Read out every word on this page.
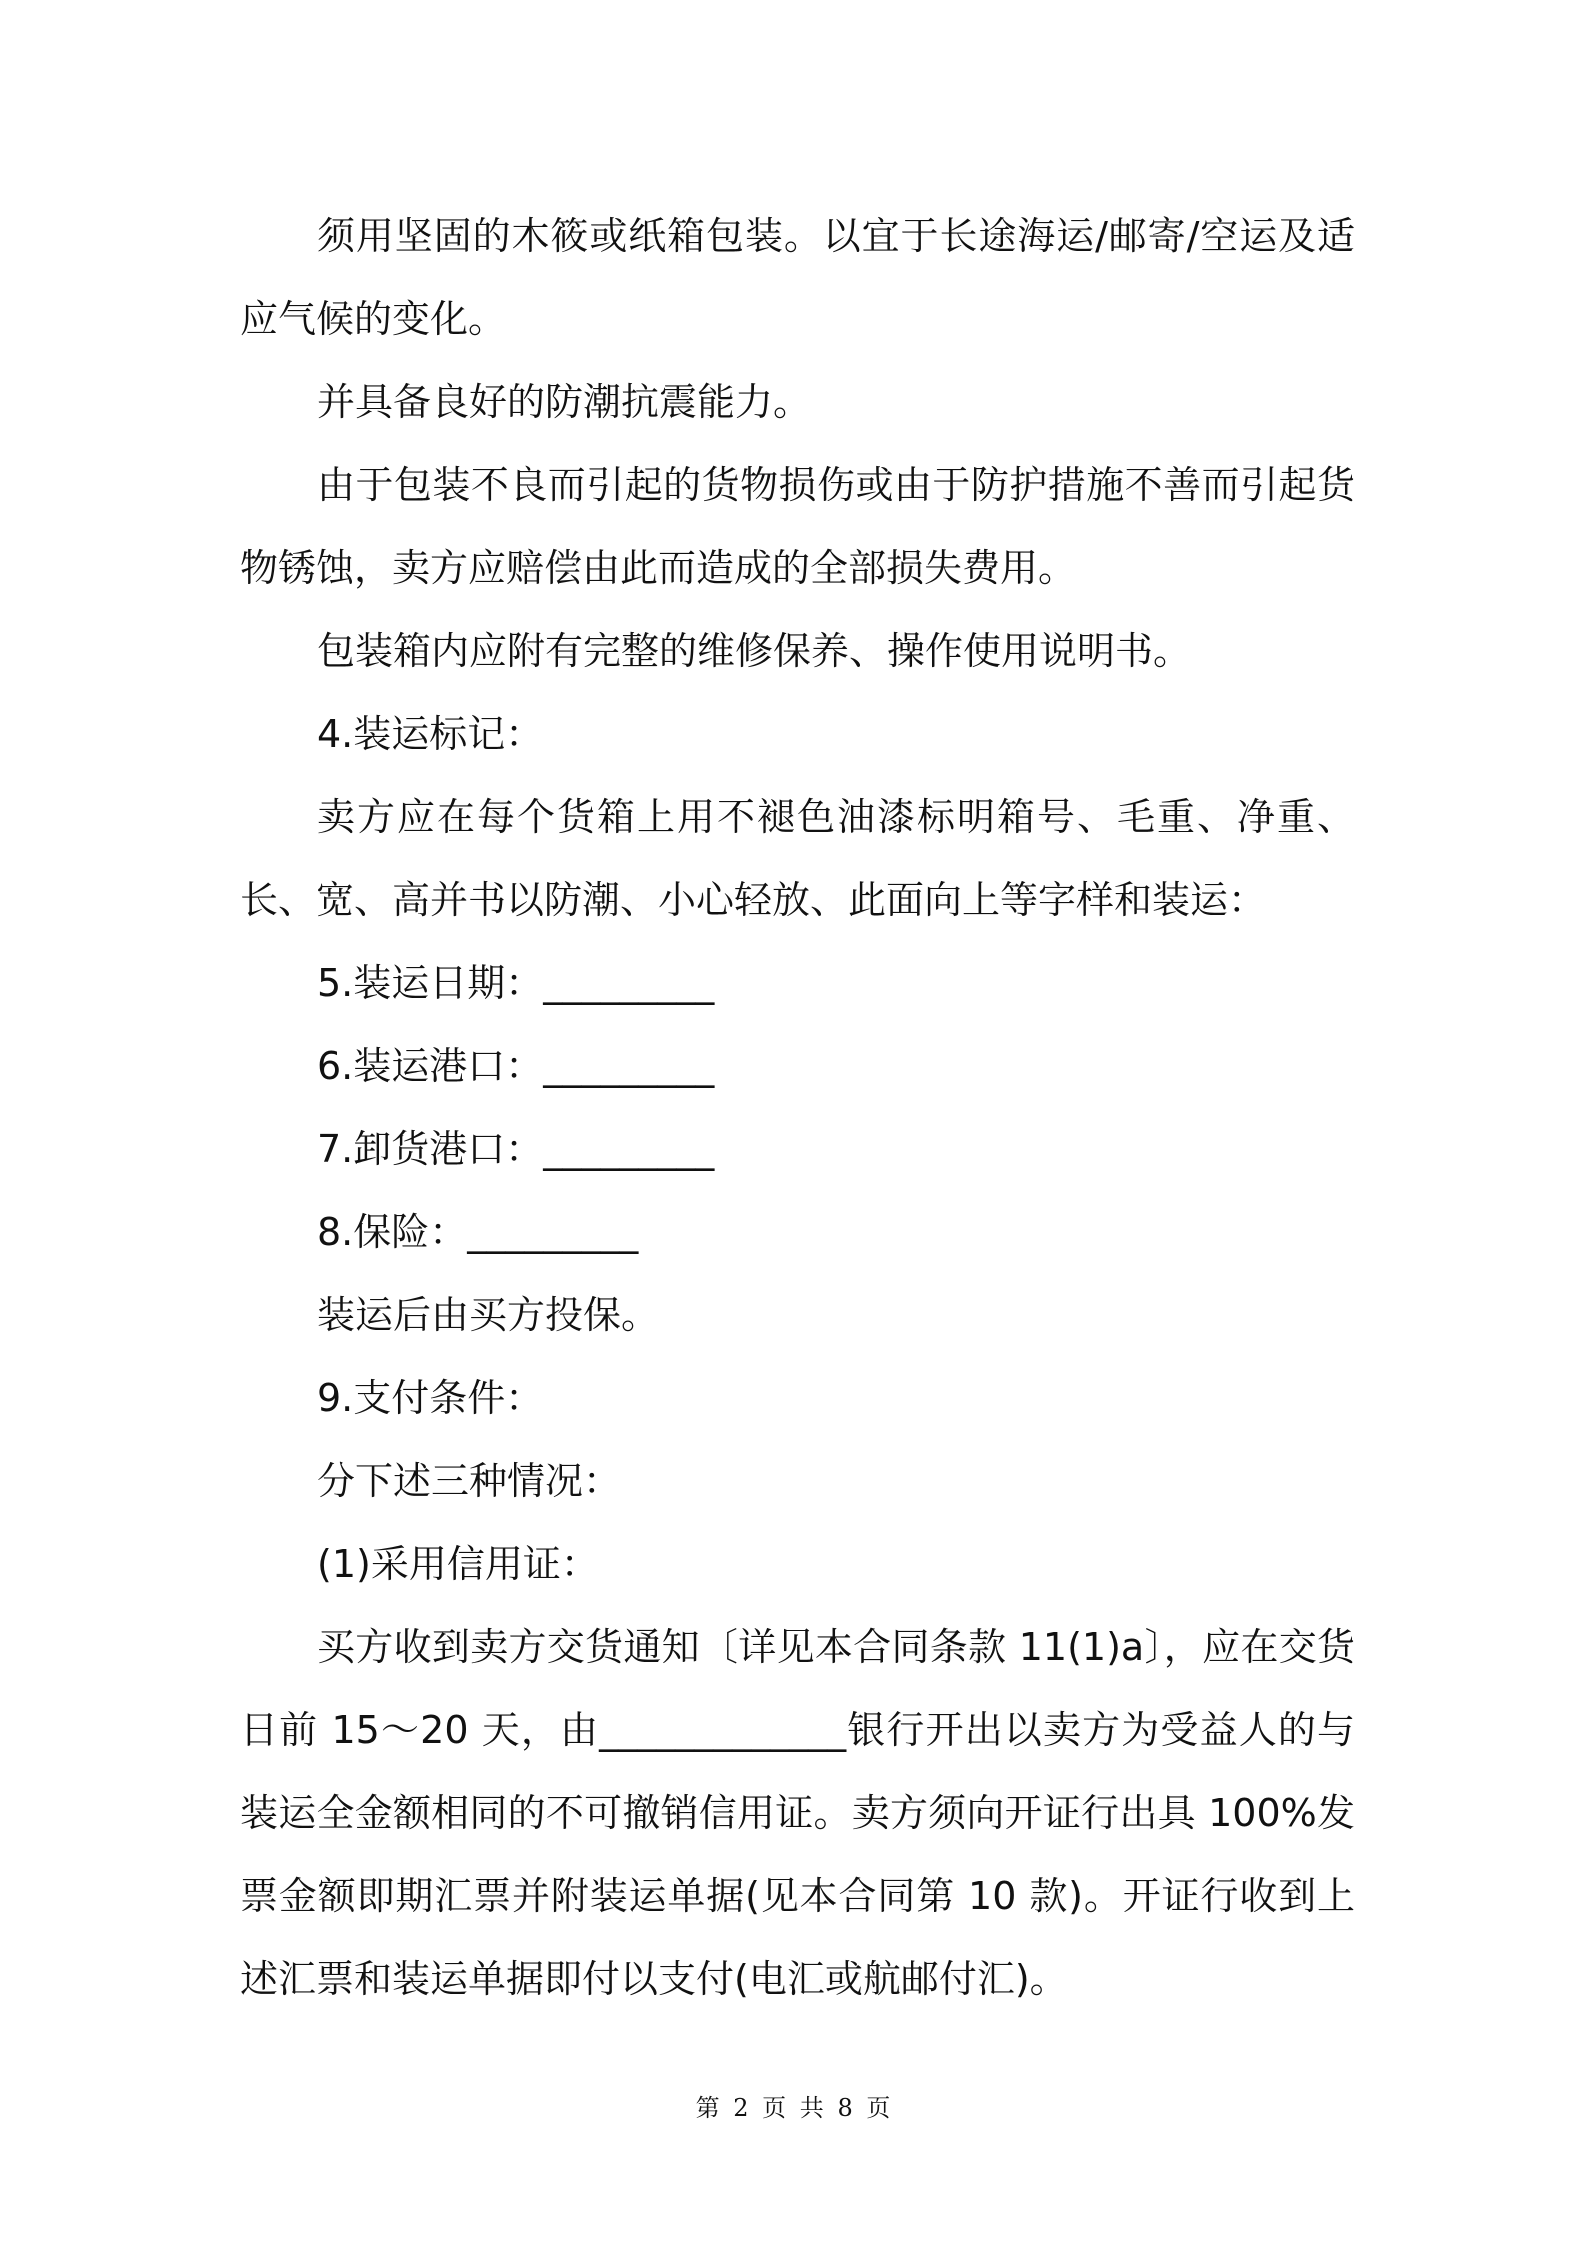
须用坚固的木筱或纸箱包装。以宜于长途海运/邮寄/空运及适应气候的变化。

并具备良好的防潮抗震能力。

由于包装不良而引起的货物损伤或由于防护措施不善而引起货物锈蚀，卖方应赔偿由此而造成的全部损失费用。

包装箱内应附有完整的维修保养、操作使用说明书。

4.装运标记：

卖方应在每个货箱上用不褪色油漆标明箱号、毛重、净重、长、宽、高并书以防潮、小心轻放、此面向上等字样和装运：

5.装运日期：_________

6.装运港口：_________

7.卸货港口：_________

8.保险：_________

装运后由买方投保。

9.支付条件：

分下述三种情况：

(1)采用信用证：

买方收到卖方交货通知〔详见本合同条款 11(1)a〕，应在交货日前 15～20 天，由_____________银行开出以卖方为受益人的与装运全金额相同的不可撤销信用证。卖方须向开证行出具 100%发票金额即期汇票并附装运单据(见本合同第 10 款)。开证行收到上述汇票和装运单据即付以支付(电汇或航邮付汇)。

第 2 页 共 8 页
